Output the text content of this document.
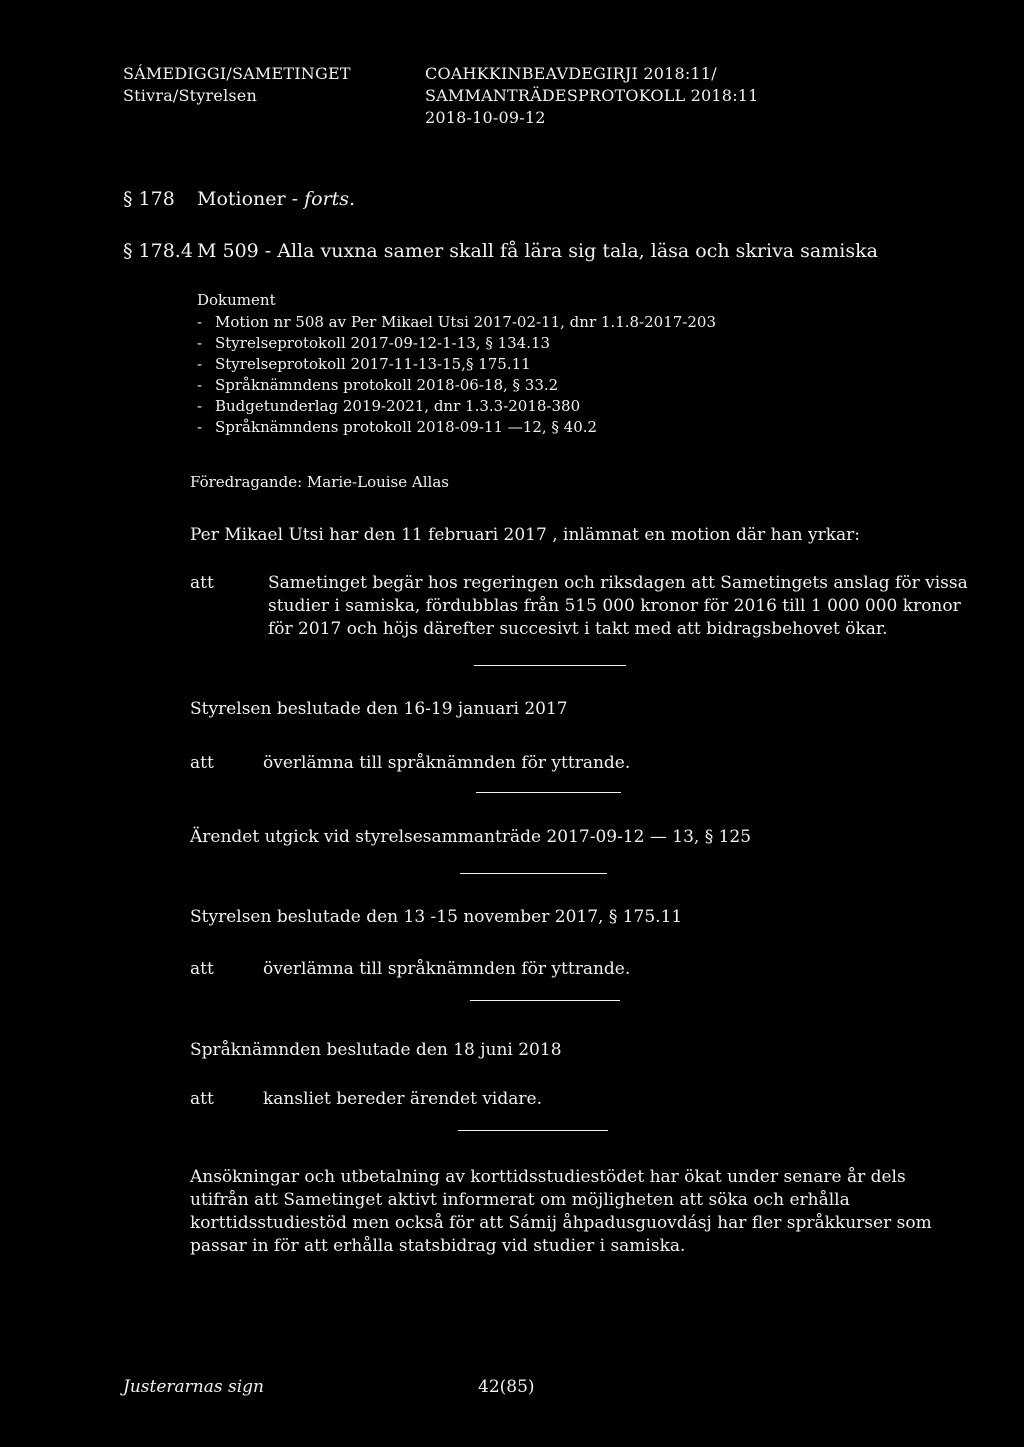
SÁMEDIGGI/SAMETINGET
Stivra/Styrelsen
COAHKKINBEAVDEGIRJI 2018:11/
SAMMANTRÄDESPROTOKOLL 2018:11
2018-10-09-12
§ 178 Motioner - forts.
§ 178.4 M 509 - Alla vuxna samer skall få lära sig tala, läsa och skriva samiska
Dokument
- Motion nr 508 av Per Mikael Utsi 2017-02-11, dnr 1.1.8-2017-203
- Styrelseprotokoll 2017-09-12-1-13, § 134.13
- Styrelseprotokoll 2017-11-13-15,§ 175.11
- Språknämndens protokoll 2018-06-18, § 33.2
- Budgetunderlag 2019-2021, dnr 1.3.3-2018-380
- Språknämndens protokoll 2018-09-11 —12, § 40.2
Föredragande: Marie-Louise Allas
Per Mikael Utsi har den 11 februari 2017 , inlämnat en motion där han yrkar:
att	Sametinget begär hos regeringen och riksdagen att Sametingets anslag för vissa studier i samiska, fördubblas från 515 000 kronor för 2016 till 1 000 000 kronor för 2017 och höjs därefter succesivt i takt med att bidragsbehovet ökar.
Styrelsen beslutade den 16-19 januari 2017
att	överlämna till språknämnden för yttrande.
Ärendet utgick vid styrelsesammanträde 2017-09-12 — 13, § 125
Styrelsen beslutade den 13 -15 november 2017, § 175.11
att	överlämna till språknämnden för yttrande.
Språknämnden beslutade den 18 juni 2018
att	kansliet bereder ärendet vidare.
Ansökningar och utbetalning av korttidsstudiestödet har ökat under senare år dels utifrån att Sametinget aktivt informerat om möjligheten att söka och erhålla korttidsstudiestöd men också för att Sámij åhpadusguovdásj har fler språkkurser som passar in för att erhålla statsbidrag vid studier i samiska.
Justerarnas sign	42(85)
